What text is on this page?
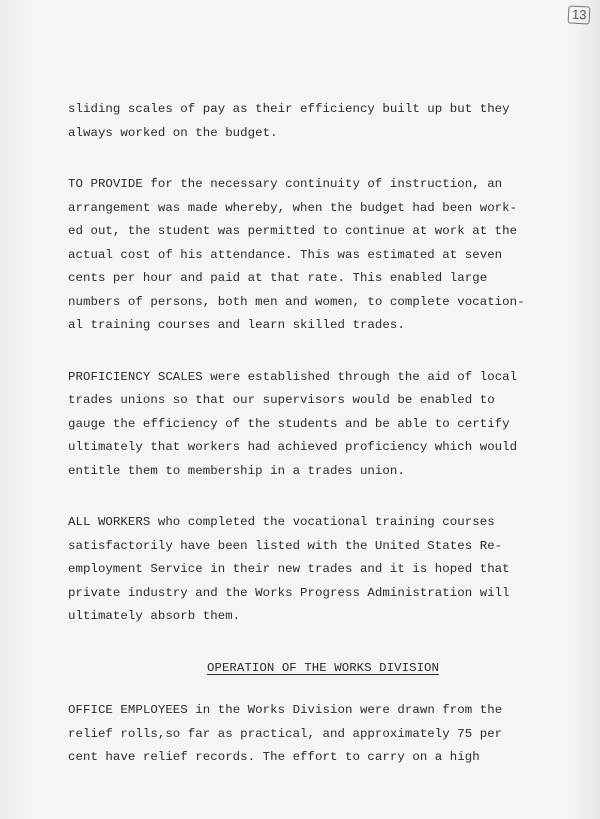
13

sliding scales of pay as their efficiency built up but they
always worked on the budget.

TO PROVIDE for the necessary continuity of instruction, an
arrangement was made whereby, when the budget had been work-
ed out, the student was permitted to continue at work at the
actual cost of his attendance. This was estimated at seven
cents per hour and paid at that rate. This enabled large
numbers of persons, both men and women, to complete vocation-
al training courses and learn skilled trades.

PROFICIENCY SCALES were established through the aid of local
trades unions so that our supervisors would be enabled to
gauge the efficiency of the students and be able to certify
ultimately that workers had achieved proficiency which would
entitle them to membership in a trades union.

ALL WORKERS who completed the vocational training courses
satisfactorily have been listed with the United States Re-
employment Service in their new trades and it is hoped that
private industry and the Works Progress Administration will
ultimately absorb them.

OPERATION OF THE WORKS DIVISION

OFFICE EMPLOYEES in the Works Division were drawn from the
relief rolls,so far as practical, and approximately 75 per
cent have relief records. The effort to carry on a high
